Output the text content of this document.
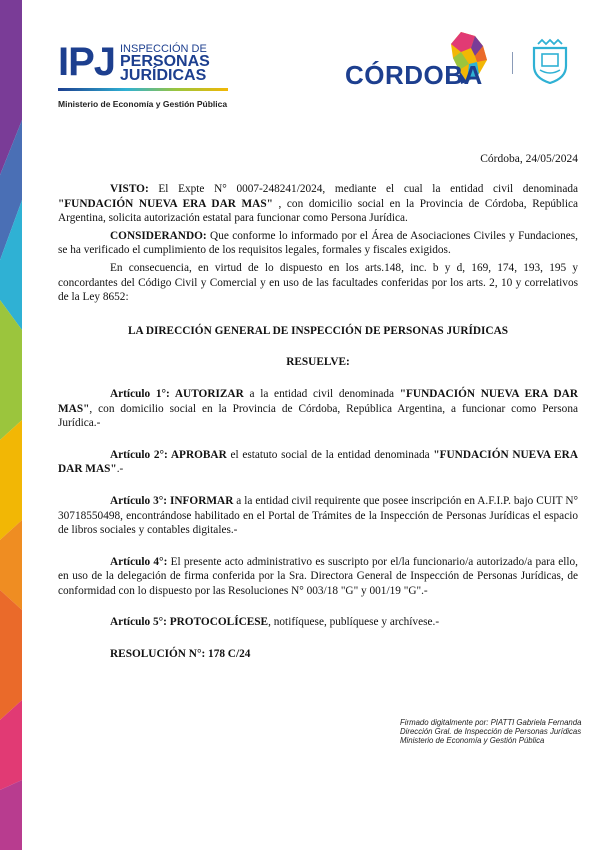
IPJ INSPECCIÓN DE
PERSONAS
JURÍDICAS
Ministerio de Economía y Gestión Pública
CÓRDOBA
Córdoba, 24/05/2024

VISTO: El Expte N° 0007-248241/2024, mediante el cual la entidad civil denominada "FUNDACIÓN NUEVA ERA DAR MAS" , con domicilio social en la Provincia de Córdoba, República Argentina, solicita autorización estatal para funcionar como Persona Jurídica.

CONSIDERANDO: Que conforme lo informado por el Área de Asociaciones Civiles y Fundaciones, se ha verificado el cumplimiento de los requisitos legales, formales y fiscales exigidos.

En consecuencia, en virtud de lo dispuesto en los arts.148, inc. b y d, 169, 174, 193, 195 y concordantes del Código Civil y Comercial y en uso de las facultades conferidas por los arts. 2, 10 y correlativos de la Ley 8652:

LA DIRECCIÓN GENERAL DE INSPECCIÓN DE PERSONAS JURÍDICAS

RESUELVE:

Artículo 1°: AUTORIZAR a la entidad civil denominada "FUNDACIÓN NUEVA ERA DAR MAS", con domicilio social en la Provincia de Córdoba, República Argentina, a funcionar como Persona Jurídica.-

Artículo 2°: APROBAR el estatuto social de la entidad denominada "FUNDACIÓN NUEVA ERA DAR MAS".-

Artículo 3°: INFORMAR a la entidad civil requirente que posee inscripción en A.F.I.P. bajo CUIT N° 30718550498, encontrándose habilitado en el Portal de Trámites de la Inspección de Personas Jurídicas el espacio de libros sociales y contables digitales.-

Artículo 4°: El presente acto administrativo es suscripto por el/la funcionario/a autorizado/a para ello, en uso de la delegación de firma conferida por la Sra. Directora General de Inspección de Personas Jurídicas, de conformidad con lo dispuesto por las Resoluciones N° 003/18 "G" y 001/19 "G".-

Artículo 5°: PROTOCOLÍCESE, notifíquese, publíquese y archívese.-

RESOLUCIÓN N°: 178 C/24

Firmado digitalmente por: PIATTI Gabriela Fernanda
Dirección Gral. de Inspección de Personas Jurídicas
Ministerio de Economía y Gestión Pública
